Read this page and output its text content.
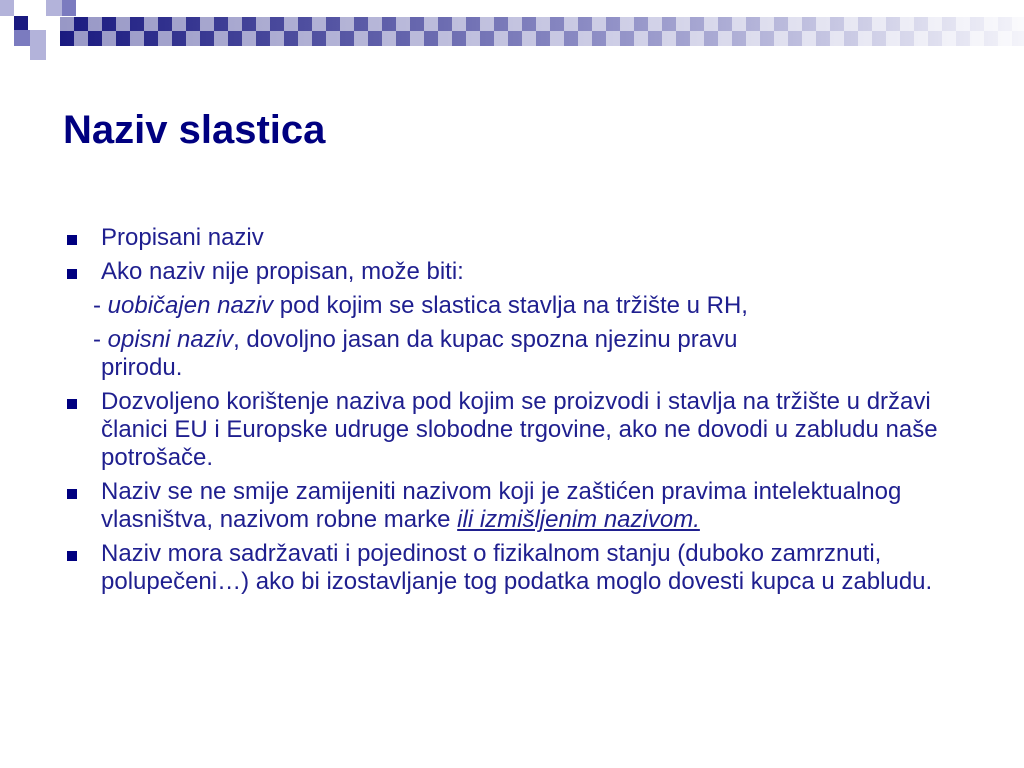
Naziv slastica
Propisani naziv
Ako naziv nije propisan, može biti:
- uobičajen naziv pod kojim se slastica stavlja na tržište u RH,
- opisni naziv, dovoljno jasan da kupac spozna njezinu pravu
prirodu.
Dozvoljeno korištenje naziva pod kojim se proizvodi i stavlja na tržište u državi članici EU i Europske udruge slobodne trgovine, ako ne dovodi u zabludu naše potrošače.
Naziv se ne smije zamijeniti nazivom koji je zaštićen pravima intelektualnog vlasništva, nazivom robne marke ili izmišljenim nazivom.
Naziv mora sadržavati i pojedinost o fizikalnom stanju (duboko zamrznuti, polupečeni…) ako bi izostavljanje tog podatka moglo dovesti kupca u zabludu.
